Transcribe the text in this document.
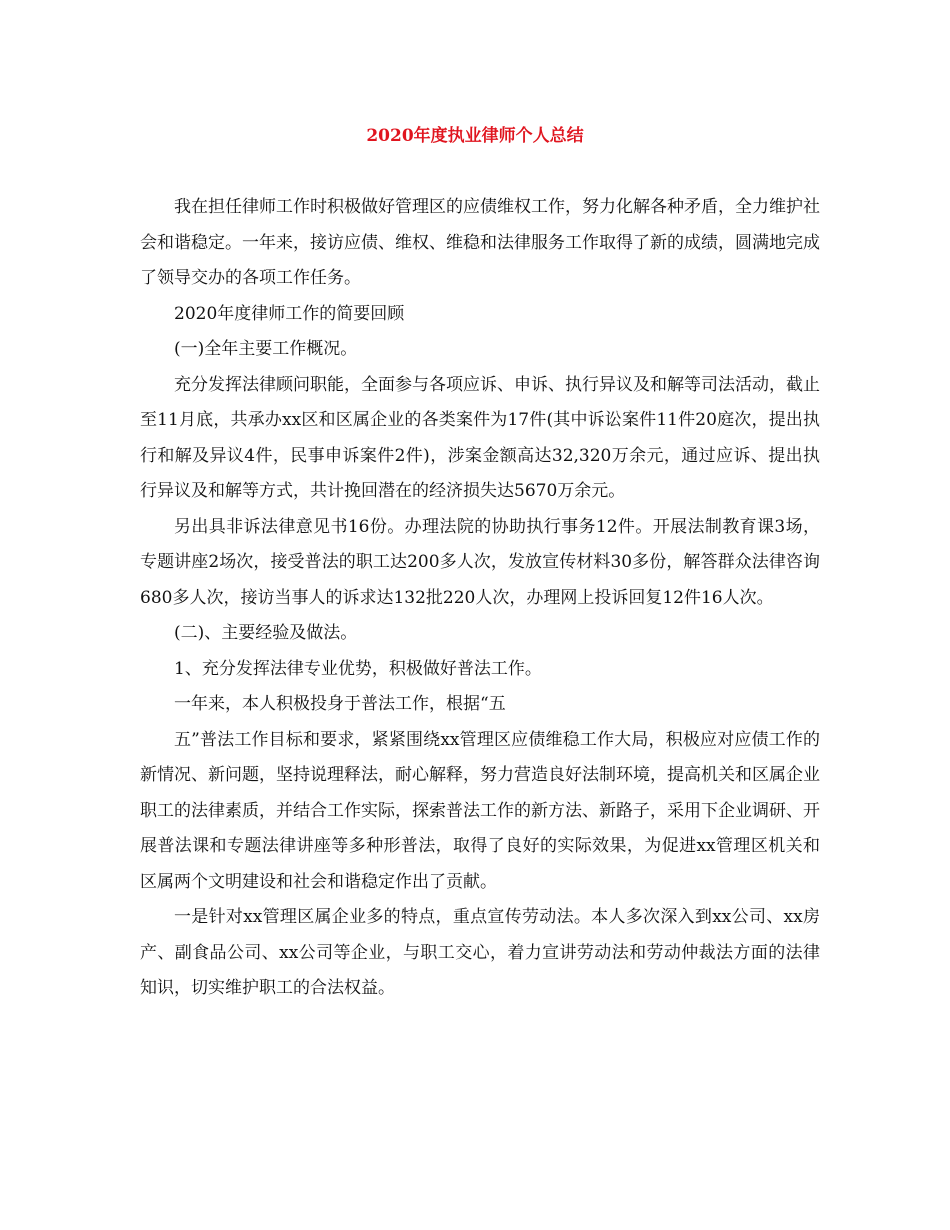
2020年度执业律师个人总结

我在担任律师工作时积极做好管理区的应债维权工作，努力化解各种矛盾，全力维护社会和谐稳定。一年来，接访应债、维权、维稳和法律服务工作取得了新的成绩，圆满地完成了领导交办的各项工作任务。

2020年度律师工作的简要回顾

(一)全年主要工作概况。

充分发挥法律顾问职能，全面参与各项应诉、申诉、执行异议及和解等司法活动，截止至11月底，共承办xx区和区属企业的各类案件为17件(其中诉讼案件11件20庭次，提出执行和解及异议4件，民事申诉案件2件)，涉案金额高达32,320万余元，通过应诉、提出执行异议及和解等方式，共计挽回潜在的经济损失达5670万余元。

另出具非诉法律意见书16份。办理法院的协助执行事务12件。开展法制教育课3场，专题讲座2场次，接受普法的职工达200多人次，发放宣传材料30多份，解答群众法律咨询680多人次，接访当事人的诉求达132批220人次，办理网上投诉回复12件16人次。

(二)、主要经验及做法。

1、充分发挥法律专业优势，积极做好普法工作。

一年来，本人积极投身于普法工作，根据“五

五”普法工作目标和要求，紧紧围绕xx管理区应债维稳工作大局，积极应对应债工作的新情况、新问题，坚持说理释法，耐心解释，努力营造良好法制环境，提高机关和区属企业职工的法律素质，并结合工作实际，探索普法工作的新方法、新路子，采用下企业调研、开展普法课和专题法律讲座等多种形普法，取得了良好的实际效果，为促进xx管理区机关和区属两个文明建设和社会和谐稳定作出了贡献。

一是针对xx管理区属企业多的特点，重点宣传劳动法。本人多次深入到xx公司、xx房产、副食品公司、xx公司等企业，与职工交心，着力宣讲劳动法和劳动仲裁法方面的法律知识，切实维护职工的合法权益。
